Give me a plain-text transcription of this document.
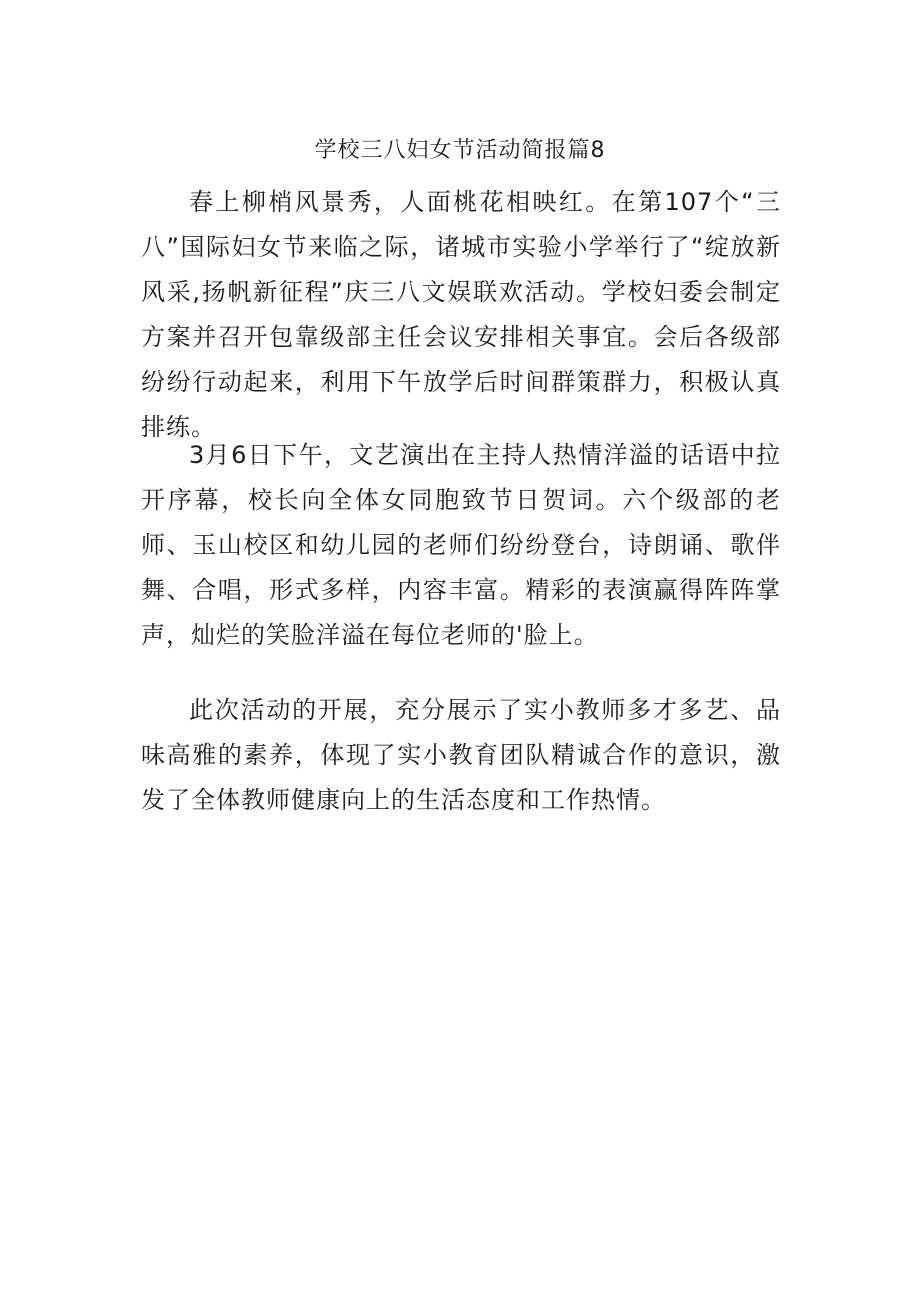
学校三八妇女节活动简报篇8

春上柳梢风景秀，人面桃花相映红。在第107个“三八”国际妇女节来临之际，诸城市实验小学举行了“绽放新风采,扬帆新征程”庆三八文娱联欢活动。学校妇委会制定方案并召开包靠级部主任会议安排相关事宜。会后各级部纷纷行动起来，利用下午放学后时间群策群力，积极认真排练。

3月6日下午，文艺演出在主持人热情洋溢的话语中拉开序幕，校长向全体女同胞致节日贺词。六个级部的老师、玉山校区和幼儿园的老师们纷纷登台，诗朗诵、歌伴舞、合唱，形式多样，内容丰富。精彩的表演赢得阵阵掌声，灿烂的笑脸洋溢在每位老师的'脸上。

此次活动的开展，充分展示了实小教师多才多艺、品味高雅的素养，体现了实小教育团队精诚合作的意识，激发了全体教师健康向上的生活态度和工作热情。
